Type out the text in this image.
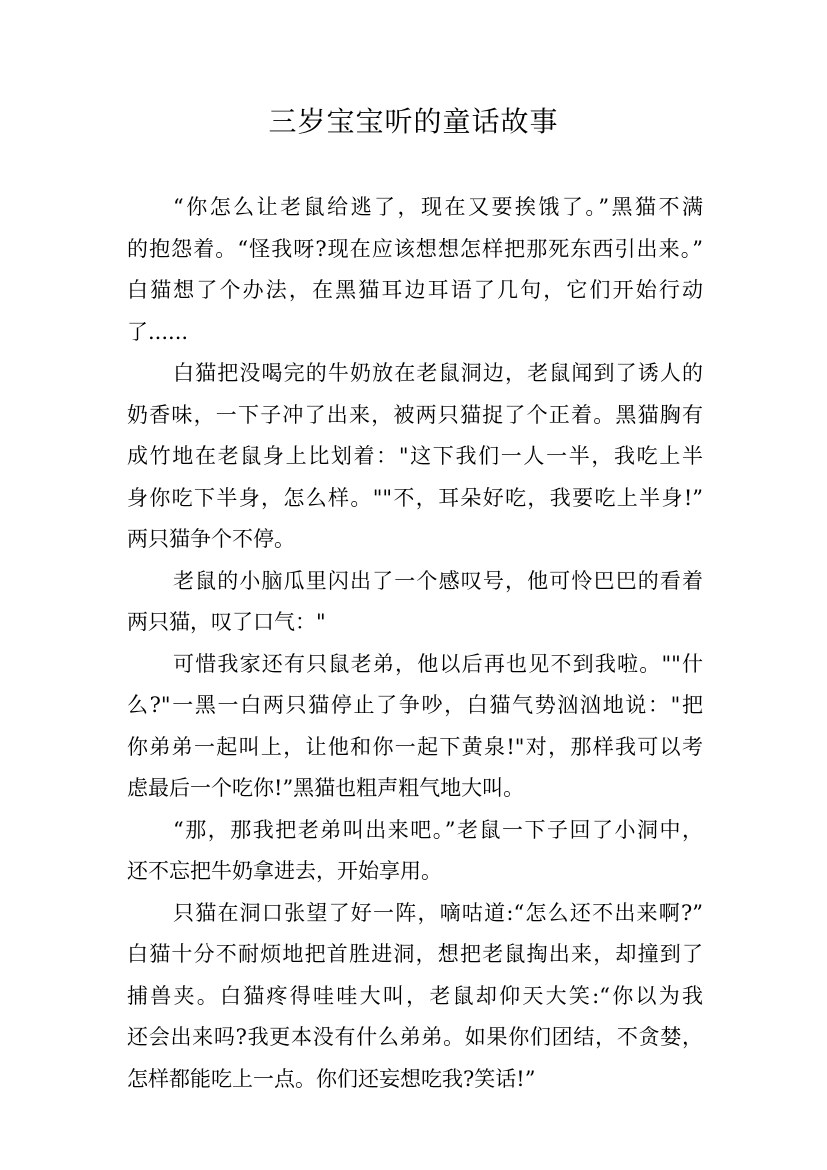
三岁宝宝听的童话故事
“你怎么让老鼠给逃了，现在又要挨饿了。”黑猫不满
的抱怨着。“怪我呀?现在应该想想怎样把那死东西引出来。”
白猫想了个办法，在黑猫耳边耳语了几句，它们开始行动
了......
白猫把没喝完的牛奶放在老鼠洞边，老鼠闻到了诱人的
奶香味，一下子冲了出来，被两只猫捉了个正着。黑猫胸有
成竹地在老鼠身上比划着："这下我们一人一半，我吃上半
身你吃下半身，怎么样。""不，耳朵好吃，我要吃上半身!”
两只猫争个不停。
老鼠的小脑瓜里闪出了一个感叹号，他可怜巴巴的看着
两只猫，叹了口气："
可惜我家还有只鼠老弟，他以后再也见不到我啦。""什
么?"一黑一白两只猫停止了争吵，白猫气势汹汹地说："把
你弟弟一起叫上，让他和你一起下黄泉!"对，那样我可以考
虑最后一个吃你!”黑猫也粗声粗气地大叫。
“那，那我把老弟叫出来吧。”老鼠一下子回了小洞中，
还不忘把牛奶拿进去，开始享用。
只猫在洞口张望了好一阵，嘀咕道:“怎么还不出来啊?”
白猫十分不耐烦地把首胜进洞，想把老鼠掏出来，却撞到了
捕兽夹。白猫疼得哇哇大叫，老鼠却仰天大笑:“你以为我
还会出来吗?我更本没有什么弟弟。如果你们团结，不贪婪，
怎样都能吃上一点。你们还妄想吃我?笑话!”
